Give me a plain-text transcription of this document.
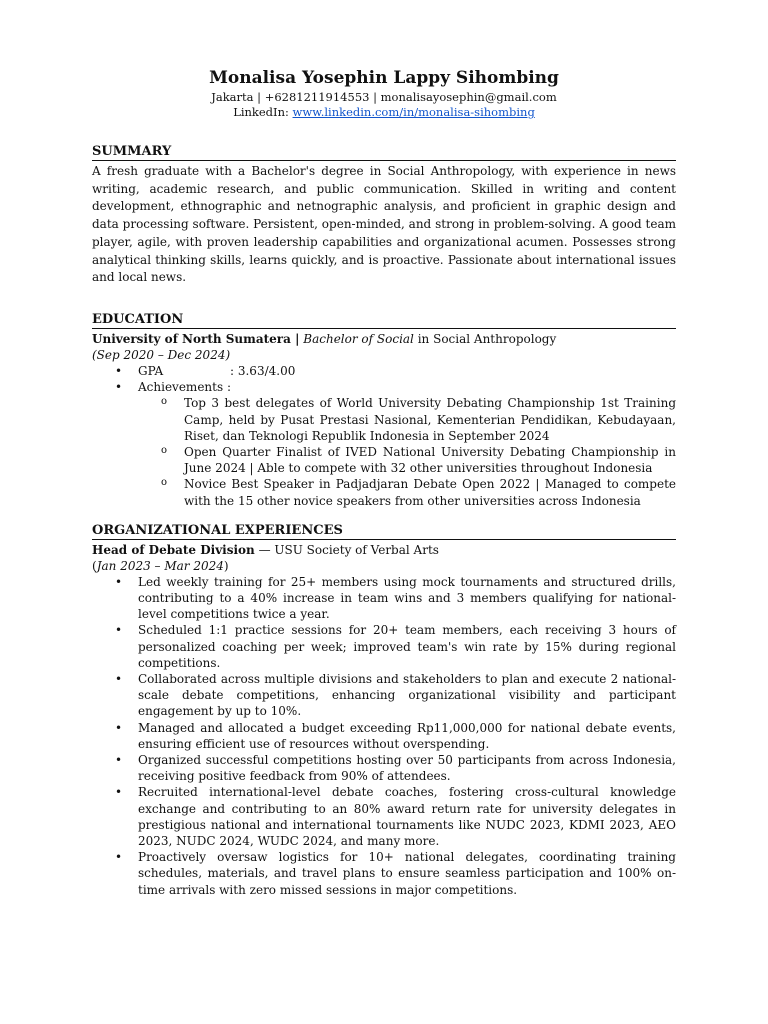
Monalisa Yosephin Lappy Sihombing
Jakarta | +6281211914553 | monalisayosephin@gmail.com
LinkedIn: www.linkedin.com/in/monalisa-sihombing
SUMMARY

A fresh graduate with a Bachelor's degree in Social Anthropology, with experience in news writing, academic research, and public communication. Skilled in writing and content development, ethnographic and netnographic analysis, and proficient in graphic design and data processing software. Persistent, open-minded, and strong in problem-solving. A good team player, agile, with proven leadership capabilities and organizational acumen. Possesses strong analytical thinking skills, learns quickly, and is proactive. Passionate about international issues and local news.

EDUCATION
University of North Sumatera | Bachelor of Social in Social Anthropology
(Sep 2020 – Dec 2024)
• GPA	: 3.63/4.00
• Achievements :
o Top 3 best delegates of World University Debating Championship 1st Training Camp, held by Pusat Prestasi Nasional, Kementerian Pendidikan, Kebudayaan, Riset, dan Teknologi Republik Indonesia in September 2024
o Open Quarter Finalist of IVED National University Debating Championship in June 2024 | Able to compete with 32 other universities throughout Indonesia
o Novice Best Speaker in Padjadjaran Debate Open 2022 | Managed to compete with the 15 other novice speakers from other universities across Indonesia
ORGANIZATIONAL EXPERIENCES
Head of Debate Division — USU Society of Verbal Arts
(Jan 2023 – Mar 2024)
• Led weekly training for 25+ members using mock tournaments and structured drills, contributing to a 40% increase in team wins and 3 members qualifying for national-level competitions twice a year.
• Scheduled 1:1 practice sessions for 20+ team members, each receiving 3 hours of personalized coaching per week; improved team's win rate by 15% during regional competitions.
• Collaborated across multiple divisions and stakeholders to plan and execute 2 national-scale debate competitions, enhancing organizational visibility and participant engagement by up to 10%.
• Managed and allocated a budget exceeding Rp11,000,000 for national debate events, ensuring efficient use of resources without overspending.
• Organized successful competitions hosting over 50 participants from across Indonesia, receiving positive feedback from 90% of attendees.
• Recruited international-level debate coaches, fostering cross-cultural knowledge exchange and contributing to an 80% award return rate for university delegates in prestigious national and international tournaments like NUDC 2023, KDMI 2023, AEO 2023, NUDC 2024, WUDC 2024, and many more.
• Proactively oversaw logistics for 10+ national delegates, coordinating training schedules, materials, and travel plans to ensure seamless participation and 100% on-time arrivals with zero missed sessions in major competitions.
